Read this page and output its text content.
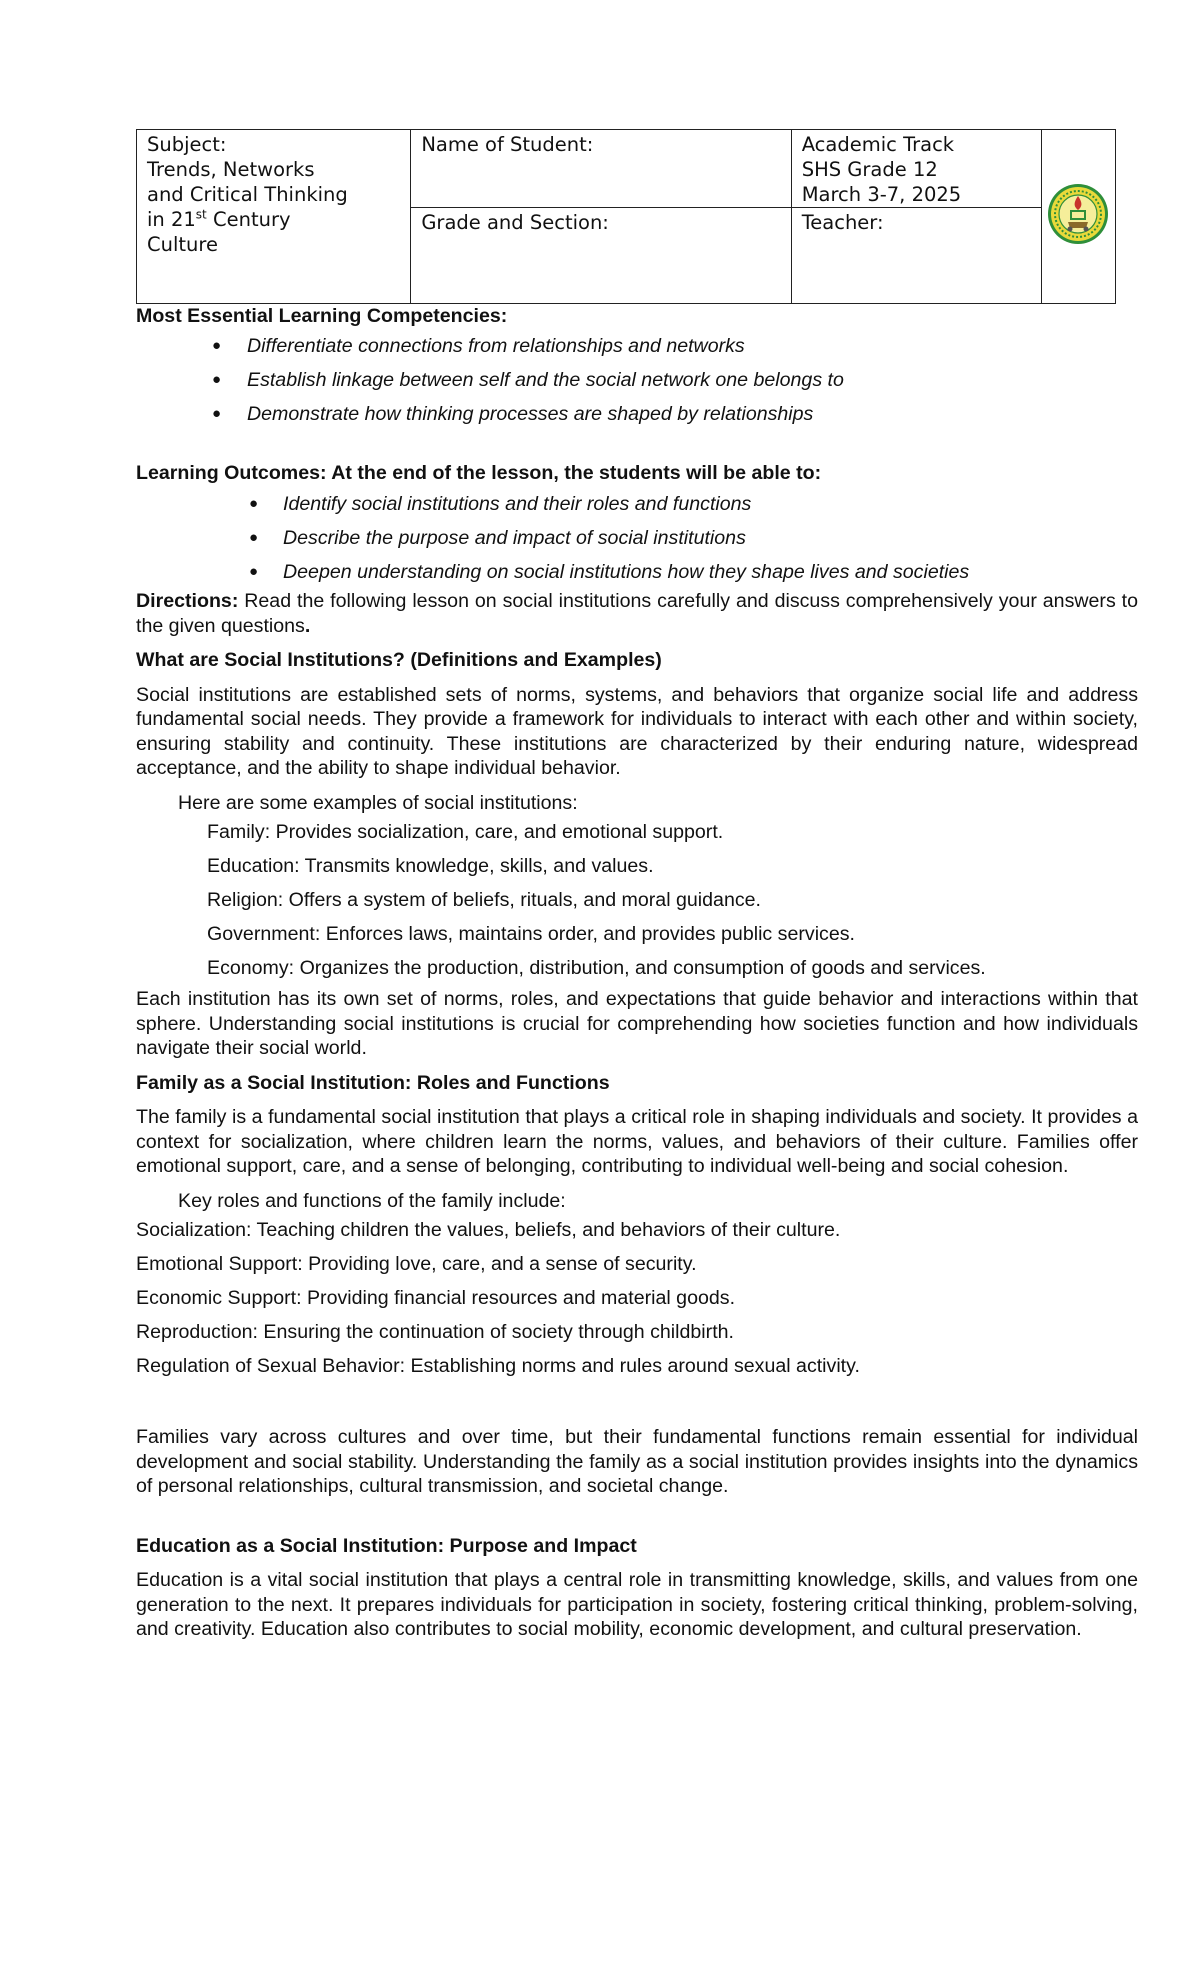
Subject:
Trends, Networks
and Critical Thinking
in 21st Century
Culture	Name of Student:	Academic Track
SHS Grade 12
March 3-7, 2025

	Grade and Section:	Teacher:	

Most Essential Learning Competencies:

● Differentiate connections from relationships and networks
● Establish linkage between self and the social network one belongs to
● Demonstrate how thinking processes are shaped by relationships

Learning Outcomes: At the end of the lesson, the students will be able to:

● Identify social institutions and their roles and functions
● Describe the purpose and impact of social institutions
● Deepen understanding on social institutions how they shape lives and societies

Directions: Read the following lesson on social institutions carefully and discuss comprehensively your answers to the given questions.

What are Social Institutions? (Definitions and Examples)

Social institutions are established sets of norms, systems, and behaviors that organize social life and address fundamental social needs. They provide a framework for individuals to interact with each other and within society, ensuring stability and continuity. These institutions are characterized by their enduring nature, widespread acceptance, and the ability to shape individual behavior.

Here are some examples of social institutions:

Family: Provides socialization, care, and emotional support.
Education: Transmits knowledge, skills, and values.
Religion: Offers a system of beliefs, rituals, and moral guidance.
Government: Enforces laws, maintains order, and provides public services.
Economy: Organizes the production, distribution, and consumption of goods and services.

Each institution has its own set of norms, roles, and expectations that guide behavior and interactions within that sphere. Understanding social institutions is crucial for comprehending how societies function and how individuals navigate their social world.

Family as a Social Institution: Roles and Functions

The family is a fundamental social institution that plays a critical role in shaping individuals and society. It provides a context for socialization, where children learn the norms, values, and behaviors of their culture. Families offer emotional support, care, and a sense of belonging, contributing to individual well-being and social cohesion.

Key roles and functions of the family include:

Socialization: Teaching children the values, beliefs, and behaviors of their culture.
Emotional Support: Providing love, care, and a sense of security.
Economic Support: Providing financial resources and material goods.
Reproduction: Ensuring the continuation of society through childbirth.
Regulation of Sexual Behavior: Establishing norms and rules around sexual activity.

Families vary across cultures and over time, but their fundamental functions remain essential for individual development and social stability. Understanding the family as a social institution provides insights into the dynamics of personal relationships, cultural transmission, and societal change.

Education as a Social Institution: Purpose and Impact

Education is a vital social institution that plays a central role in transmitting knowledge, skills, and values from one generation to the next. It prepares individuals for participation in society, fostering critical thinking, problem-solving, and creativity. Education also contributes to social mobility, economic development, and cultural preservation.
